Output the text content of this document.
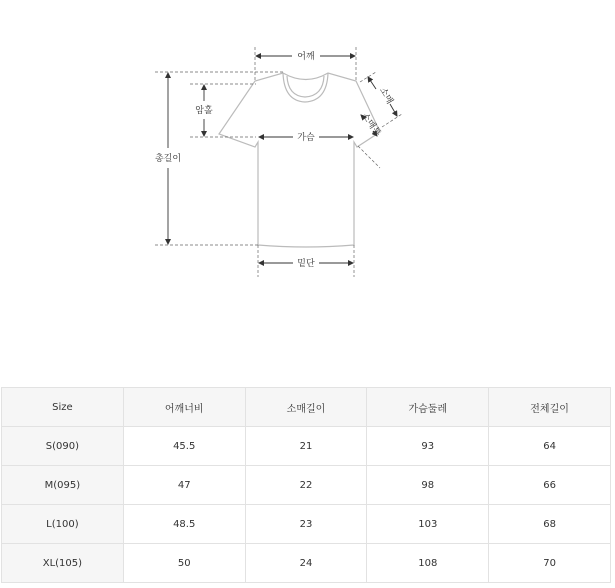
어깨
총길이
암홀
가슴
밑단
소매
소매통
Size	어깨너비	소매길이	가슴둘레	전체길이
S(090)	45.5	21	93	64
M(095)	47	22	98	66
L(100)	48.5	23	103	68
XL(105)	50	24	108	70
